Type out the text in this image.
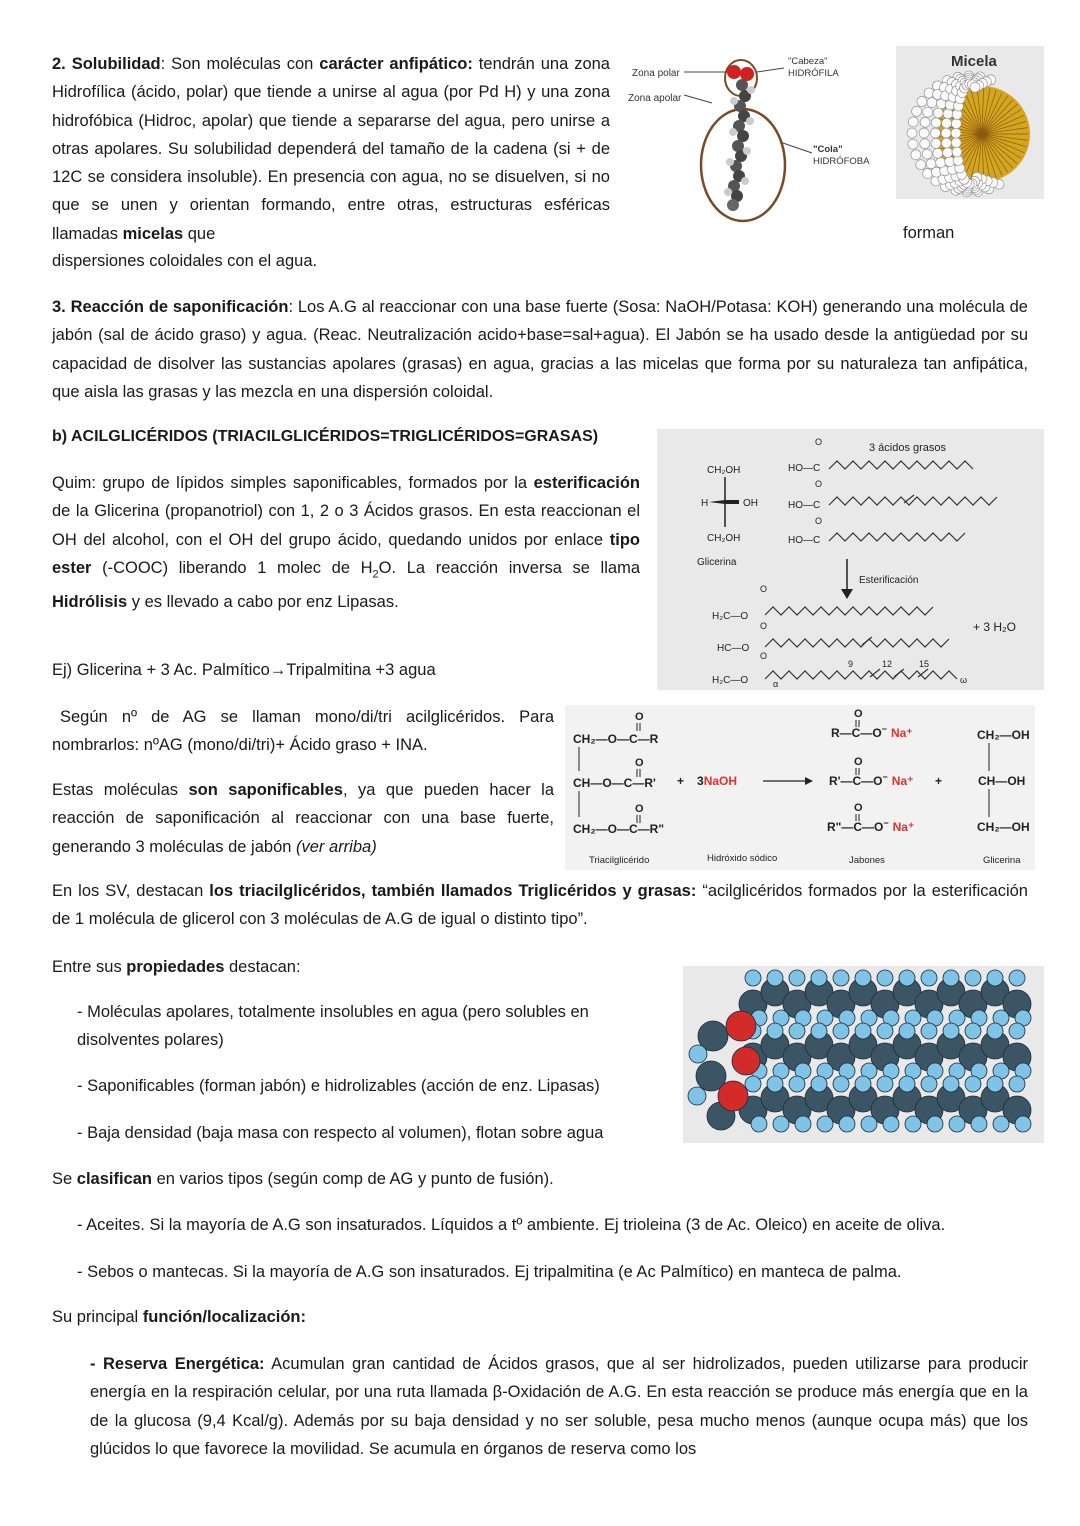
2. Solubilidad: Son moléculas con carácter anfipático: tendrán una zona Hidrofílica (ácido, polar) que tiende a unirse al agua (por Pd H) y una zona hidrofóbica (Hidroc, apolar) que tiende a separarse del agua, pero unirse a otras apolares. Su solubilidad dependerá del tamaño de la cadena (si + de 12C se considera insoluble). En presencia con agua, no se disuelven, si no que se unen y orientan formando, entre otras, estructuras esféricas llamadas micelas que	forman
dispersiones coloidales con el agua.
Zona polar
Zona apolar
"Cabeza"
HIDRÓFILA
"Cola"
HIDRÓFOBA
Micela
3. Reacción de saponificación: Los A.G al reaccionar con una base fuerte (Sosa: NaOH/Potasa: KOH) generando una molécula de jabón (sal de ácido graso) y agua. (Reac. Neutralización acido+base=sal+agua). El Jabón se ha usado desde la antigüedad por su capacidad de disolver las sustancias apolares (grasas) en agua, gracias a las micelas que forma por su naturaleza tan anfipática, que aisla las grasas y las mezcla en una dispersión coloidal.
b) ACILGLICÉRIDOS (TRIACILGLICÉRIDOS=TRIGLICÉRIDOS=GRASAS)
Quim: grupo de lípidos simples saponificables, formados por la esterificación de la Glicerina (propanotriol) con 1, 2 o 3 Ácidos grasos. En esta reaccionan el OH del alcohol, con el OH del grupo ácido, quedando unidos por enlace tipo ester (-COOC) liberando 1 molec de $H_2O$. La reacción inversa se llama Hidrólisis y es llevado a cabo por enz Lipasas.
3 ácidos grasos
CH₂OH
H	OH
CH₂OH
Glicerina
O
HO—C
O
HO—C
O
HO—C
Esterificación
O
H₂C—O
O
HC—O
O
H₂C—O	α
9	12	15
ω
+ 3 H₂O
Ej) Glicerina + 3 Ac. Palmítico→Tripalmitina +3 agua
Según nº de AG se llaman mono/di/tri acilglicéridos. Para nombrarlos: nºAG (mono/di/tri)+ Ácido graso + INA.
Estas moléculas son saponificables, ya que pueden hacer la reacción de saponificación al reaccionar con una base fuerte, generando 3 moléculas de jabón (ver arriba)
O
CH₂—O—C—R
O
CH—O—C—R'
O
CH₂—O—C—R"
+ 3NaOH
O
R—C—O− Na⁺
O
R'—C—O− Na⁺
O
R"—C—O− Na⁺
+
CH₂—OH
CH—OH
CH₂—OH
Triacilglicérido	Hidróxido sódico	Jabones	Glicerina
En los SV, destacan los triacilglicéridos, también llamados Triglicéridos y grasas: “acilglicéridos formados por la esterificación de 1 molécula de glicerol con 3 moléculas de A.G de igual o distinto tipo”.
Entre sus propiedades destacan:
- Moléculas apolares, totalmente insolubles en agua (pero solubles en disolventes polares)
- Saponificables (forman jabón) e hidrolizables (acción de enz. Lipasas)
- Baja densidad (baja masa con respecto al volumen), flotan sobre agua
Se clasifican en varios tipos (según comp de AG y punto de fusión).
- Aceites. Si la mayoría de A.G son insaturados. Líquidos a tº ambiente. Ej trioleina (3 de Ac. Oleico) en aceite de oliva.
- Sebos o mantecas. Si la mayoría de A.G son insaturados. Ej tripalmitina (e Ac Palmítico) en manteca de palma.
Su principal función/localización:
- Reserva Energética: Acumulan gran cantidad de Ácidos grasos, que al ser hidrolizados, pueden utilizarse para producir energía en la respiración celular, por una ruta llamada β-Oxidación de A.G. En esta reacción se produce más energía que en la de la glucosa (9,4 Kcal/g). Además por su baja densidad y no ser soluble, pesa mucho menos (aunque ocupa más) que los glúcidos lo que favorece la movilidad. Se acumula en órganos de reserva como los
